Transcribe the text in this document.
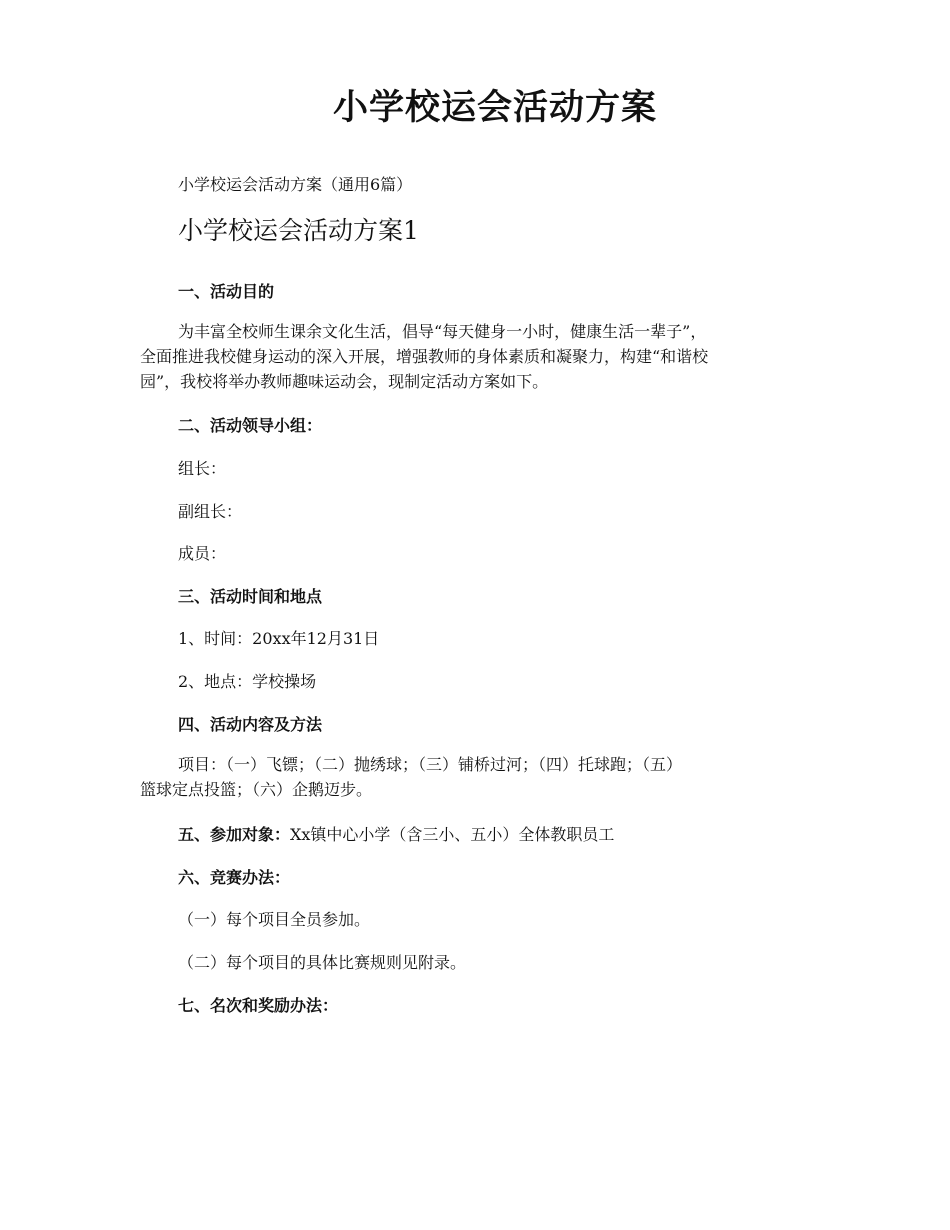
小学校运会活动方案

小学校运会活动方案（通用6篇）

小学校运会活动方案1

一、活动目的

为丰富全校师生课余文化生活，倡导“每天健身一小时，健康生活一辈子”，
全面推进我校健身运动的深入开展，增强教师的身体素质和凝聚力，构建“和谐校
园”，我校将举办教师趣味运动会，现制定活动方案如下。

二、活动领导小组：

组长：

副组长：

成员：

三、活动时间和地点

1、时间：20xx年12月31日

2、地点：学校操场

四、活动内容及方法

项目：（一）飞镖；（二）抛绣球；（三）铺桥过河；（四）托球跑；（五）
篮球定点投篮；（六）企鹅迈步。

五、参加对象：Xx镇中心小学（含三小、五小）全体教职员工

六、竞赛办法：

（一）每个项目全员参加。

（二）每个项目的具体比赛规则见附录。

七、名次和奖励办法：
